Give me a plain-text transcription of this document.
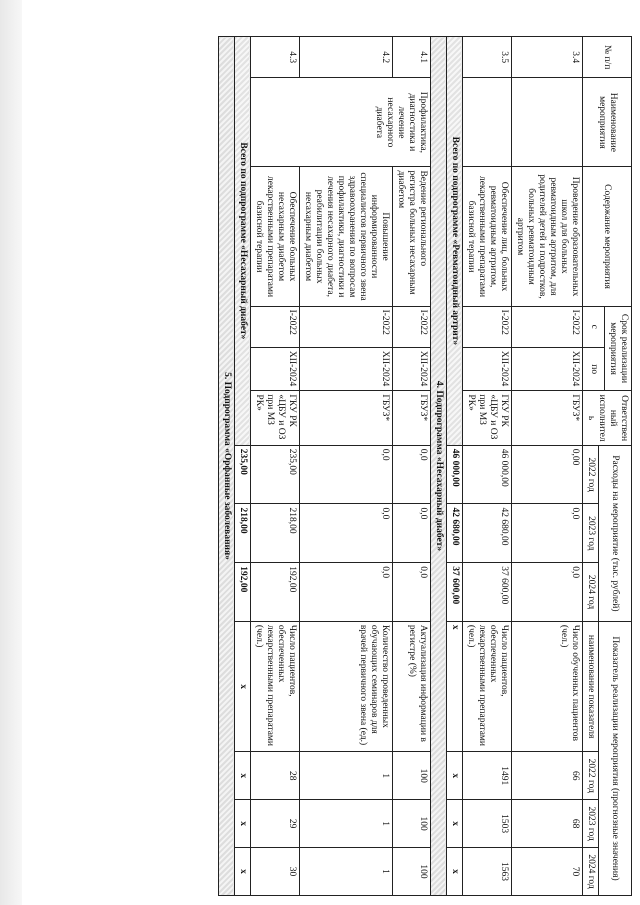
№ п/п	Наименование мероприятия	Содержание мероприятия	Срок реализации мероприятия		Ответственный исполнитель	Расходы на мероприятие (тыс. рублей)			Показатель реализации мероприятия (прогнозные значения)			
			с	по								
						2022 год	2023 год	2024 год	наименование показателя	2022 год	2023 год	2024 год
3.4		Проведение образовательных школ для больных ревматоидным артритом, для родителей детей и подростков, больных ревматоидным артритом	I-2022	XII-2024	ГБУЗ*	0,00	0,0	0,0	Число обученных пациентов (чел.)	66	68	70
3.5		Обеспечение лиц, больных ревматоидным артритом, лекарственными препаратами базисной терапии	I-2022	XII-2024	ГКУ РК «ЦБУ и ОЗ при МЗ РК»	46 000,00	42 680,00	37 600,00	Число пациентов, обеспеченных лекарственными препаратами (чел.)	1491	1503	1563
Всего по подпрограмме «Ревматоидный артрит»						46 000,00	42 680,00	37 600,00	х	х	х	х
4. Подпрограмма «Несахарный диабет»												
4.1	Профилактика, диагностика и лечение несахарного диабета	Ведение регионального регистра больных несахарным диабетом	I-2022	XII-2024	ГБУЗ*	0,0	0,0	0,0	Актуализация информации в регистре (%)	100	100	100
4.2		Повышение информированности специалистов первичного звена здравоохранения по вопросам профилактики, диагностики и лечения несахарного диабета, реабилитации больных несахарным диабетом	I-2022	XII-2024	ГБУЗ*	0,0	0,0	0,0	Количество проведенных обучающих семинаров для врачей первичного звена (ед.)	1	1	1
4.3		Обеспечение больных несахарным диабетом лекарственными препаратами базисной терапии	I-2022	XII-2024	ГКУ РК «ЦБУ и ОЗ при МЗ РК»	235,00	218,00	192,00	Число пациентов, обеспеченных лекарственными препаратами (чел.)	28	29	30
Всего по подпрограмме «Несахарный диабет»						235,00	218,00	192,00	х	х	х	х
5. Подпрограмма «Орфанные заболевания»												
